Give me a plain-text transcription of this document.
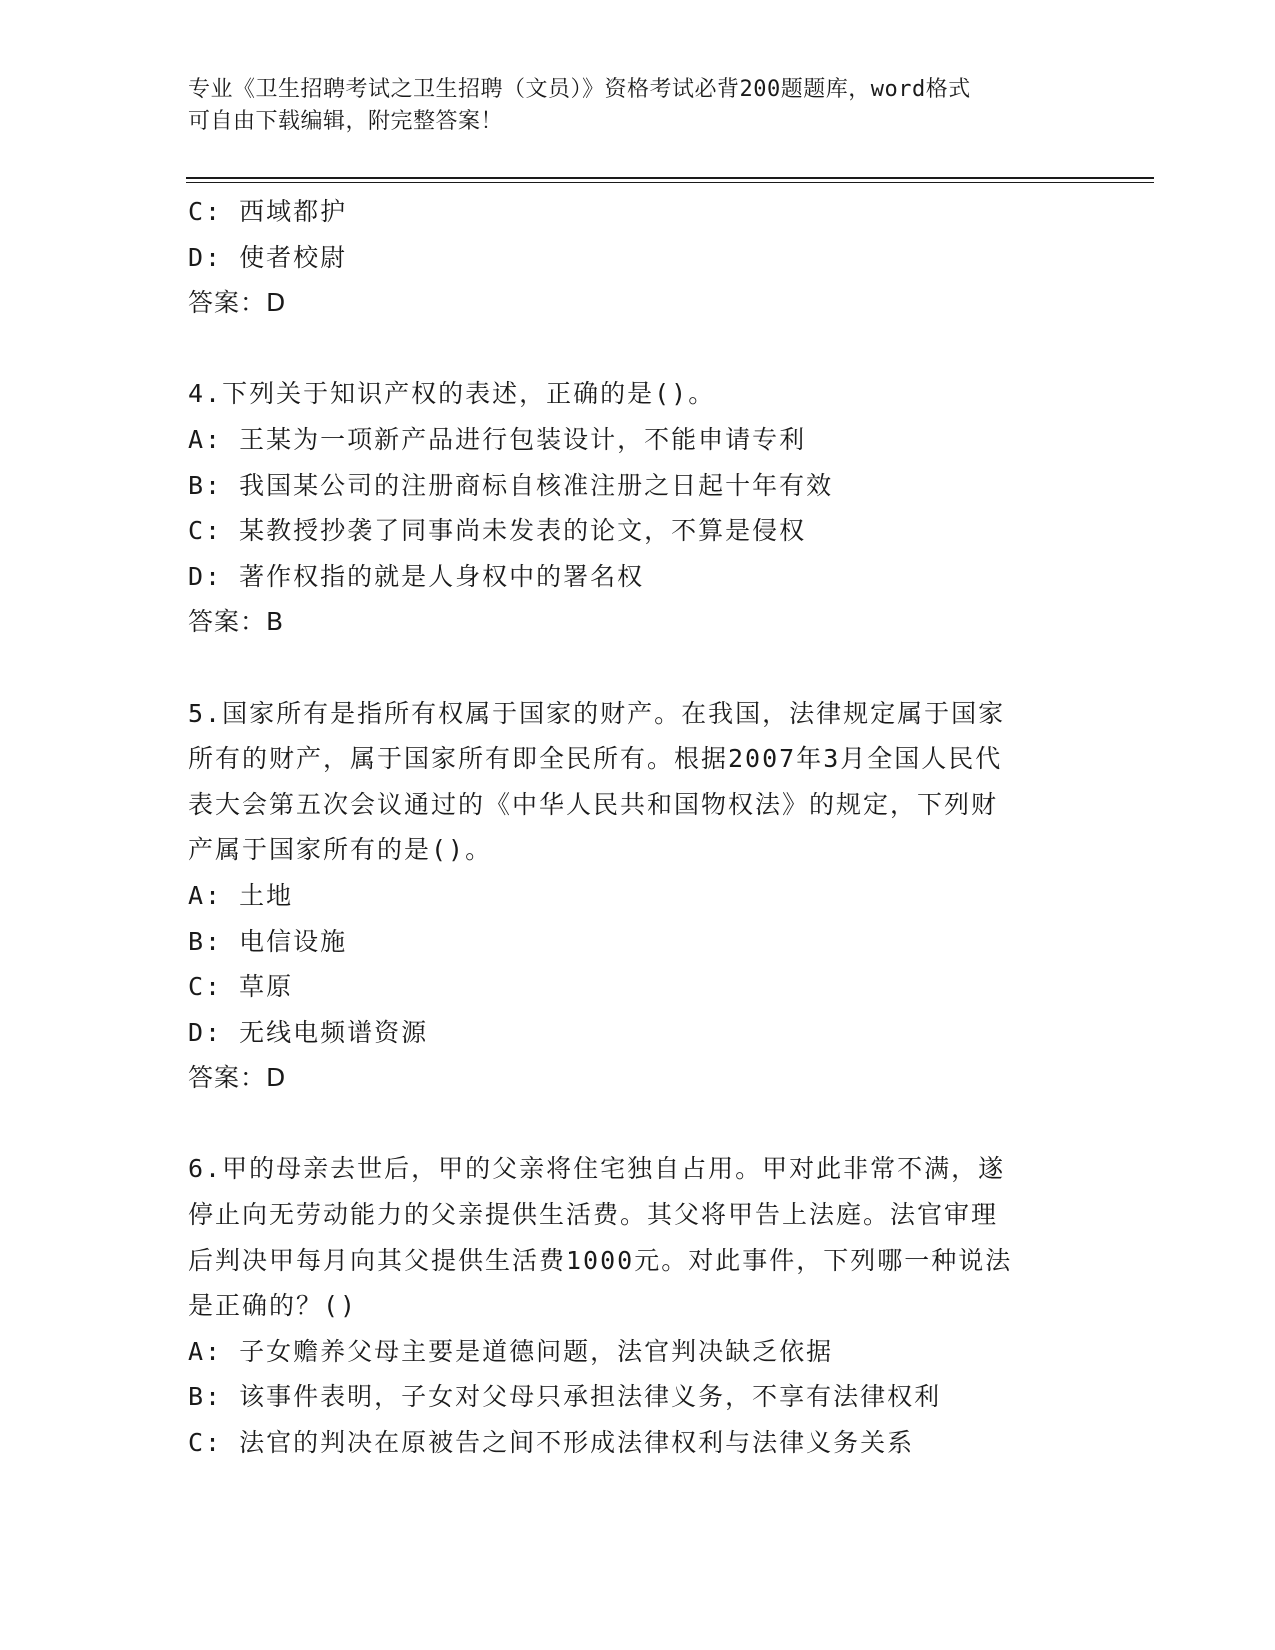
专业《卫生招聘考试之卫生招聘（文员）》资格考试必背200题题库，word格式
可自由下载编辑，附完整答案！
C: 西域都护
D: 使者校尉
答案：D
4.下列关于知识产权的表述，正确的是()。
A: 王某为一项新产品进行包装设计，不能申请专利
B: 我国某公司的注册商标自核准注册之日起十年有效
C: 某教授抄袭了同事尚未发表的论文，不算是侵权
D: 著作权指的就是人身权中的署名权
答案：B
5.国家所有是指所有权属于国家的财产。在我国，法律规定属于国家
所有的财产，属于国家所有即全民所有。根据2007年3月全国人民代
表大会第五次会议通过的《中华人民共和国物权法》的规定，下列财
产属于国家所有的是()。
A: 土地
B: 电信设施
C: 草原
D: 无线电频谱资源
答案：D
6.甲的母亲去世后，甲的父亲将住宅独自占用。甲对此非常不满，遂
停止向无劳动能力的父亲提供生活费。其父将甲告上法庭。法官审理
后判决甲每月向其父提供生活费1000元。对此事件，下列哪一种说法
是正确的？()
A: 子女赡养父母主要是道德问题，法官判决缺乏依据
B: 该事件表明，子女对父母只承担法律义务，不享有法律权利
C: 法官的判决在原被告之间不形成法律权利与法律义务关系
